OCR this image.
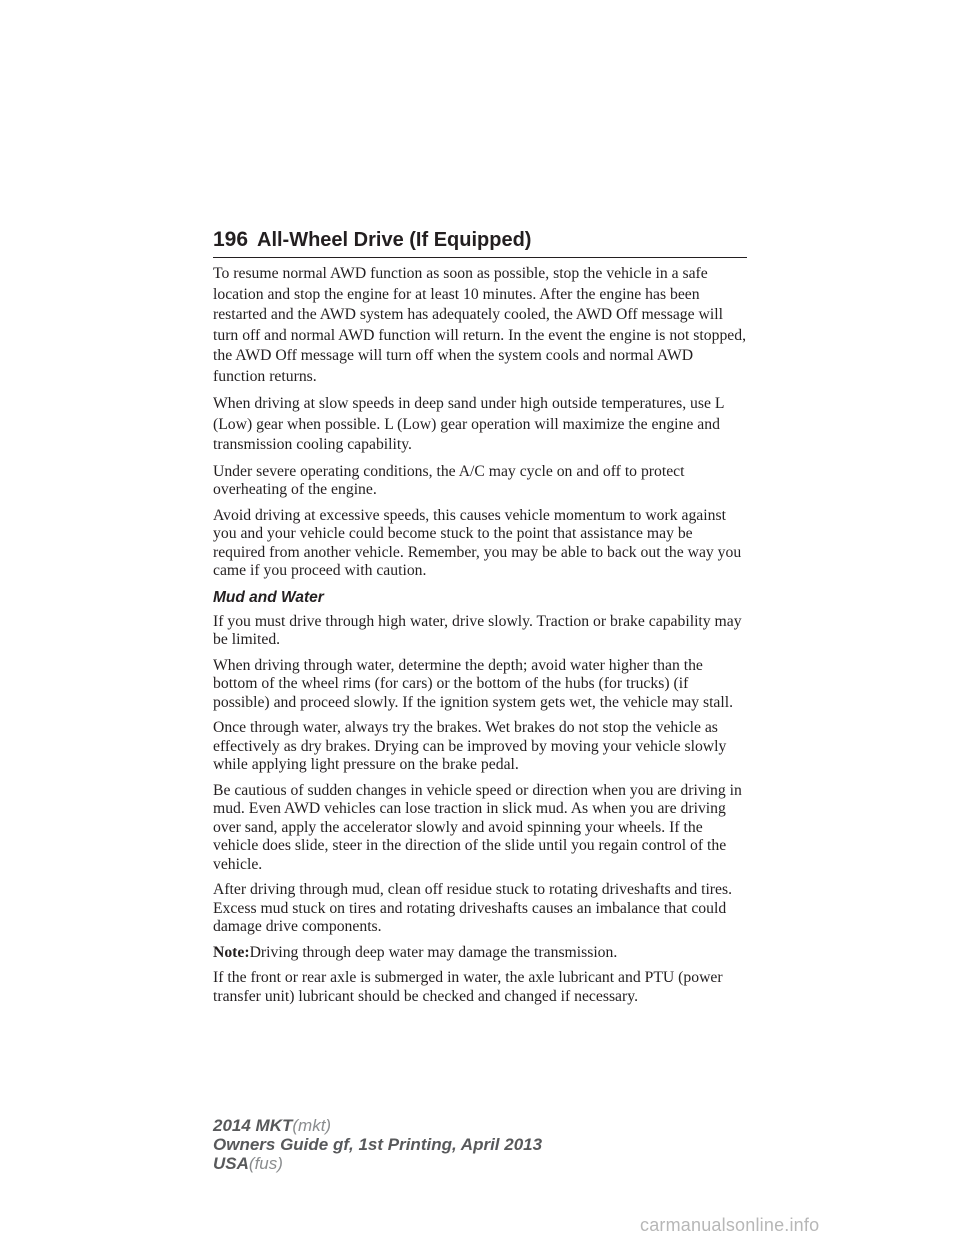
196 All-Wheel Drive (If Equipped)

To resume normal AWD function as soon as possible, stop the vehicle in a safe location and stop the engine for at least 10 minutes. After the engine has been restarted and the AWD system has adequately cooled, the AWD Off message will turn off and normal AWD function will return. In the event the engine is not stopped, the AWD Off message will turn off when the system cools and normal AWD function returns.

When driving at slow speeds in deep sand under high outside temperatures, use L (Low) gear when possible. L (Low) gear operation will maximize the engine and transmission cooling capability.

Under severe operating conditions, the A/C may cycle on and off to protect overheating of the engine.

Avoid driving at excessive speeds, this causes vehicle momentum to work against you and your vehicle could become stuck to the point that assistance may be required from another vehicle. Remember, you may be able to back out the way you came if you proceed with caution.

Mud and Water

If you must drive through high water, drive slowly. Traction or brake capability may be limited.

When driving through water, determine the depth; avoid water higher than the bottom of the wheel rims (for cars) or the bottom of the hubs (for trucks) (if possible) and proceed slowly. If the ignition system gets wet, the vehicle may stall.

Once through water, always try the brakes. Wet brakes do not stop the vehicle as effectively as dry brakes. Drying can be improved by moving your vehicle slowly while applying light pressure on the brake pedal.

Be cautious of sudden changes in vehicle speed or direction when you are driving in mud. Even AWD vehicles can lose traction in slick mud. As when you are driving over sand, apply the accelerator slowly and avoid spinning your wheels. If the vehicle does slide, steer in the direction of the slide until you regain control of the vehicle.

After driving through mud, clean off residue stuck to rotating driveshafts and tires. Excess mud stuck on tires and rotating driveshafts causes an imbalance that could damage drive components.

Note:Driving through deep water may damage the transmission.

If the front or rear axle is submerged in water, the axle lubricant and PTU (power transfer unit) lubricant should be checked and changed if necessary.

2014 MKT(mkt)
Owners Guide gf, 1st Printing, April 2013
USA(fus)
carmanualsonline.info
